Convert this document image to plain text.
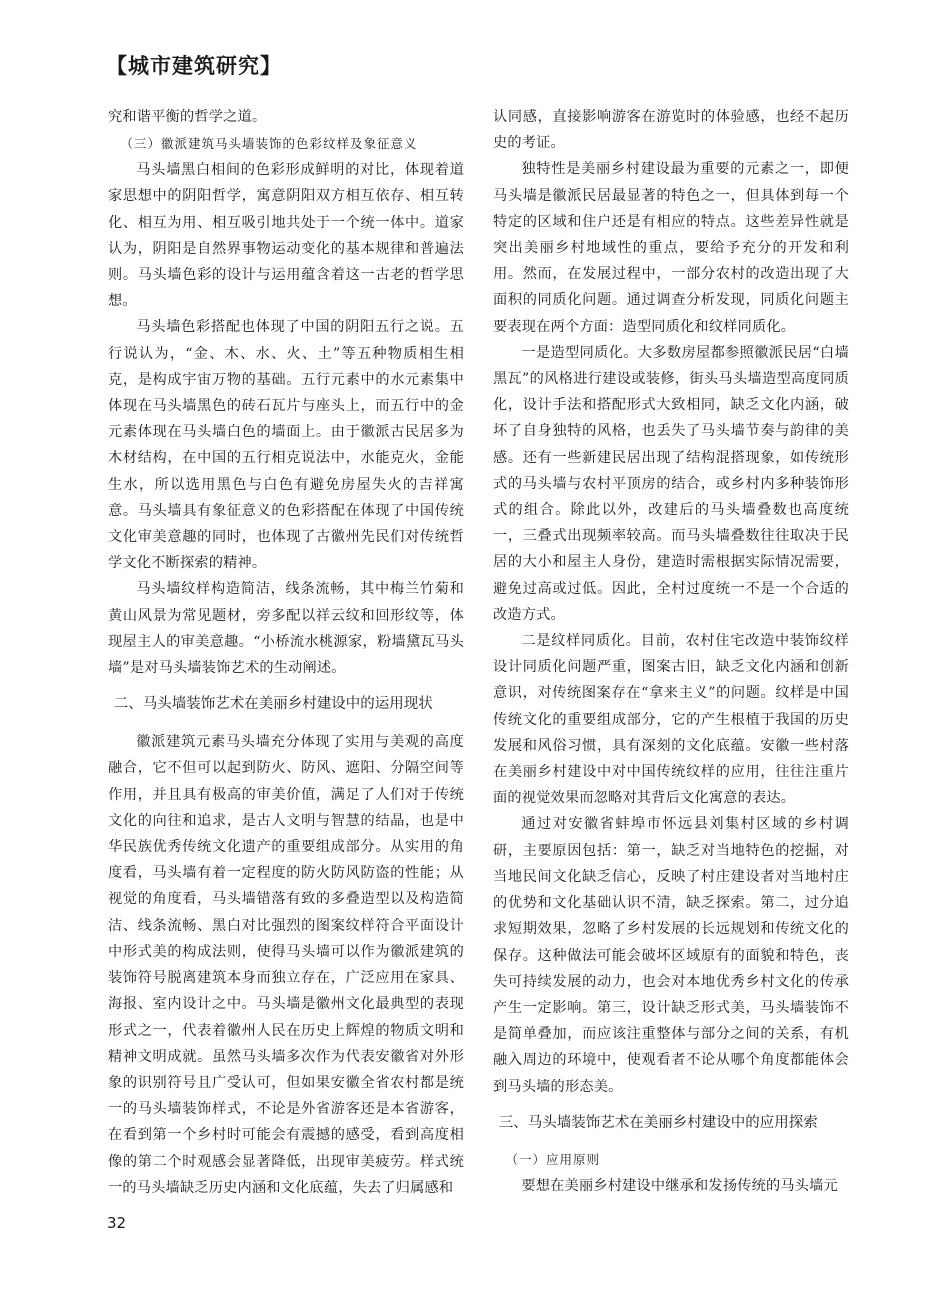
【城市建筑研究】

究和谐平衡的哲学之道。

（三）徽派建筑马头墙装饰的色彩纹样及象征意义

马头墙黑白相间的色彩形成鲜明的对比，体现着道家思想中的阴阳哲学，寓意阴阳双方相互依存、相互转化、相互为用、相互吸引地共处于一个统一体中。道家认为，阴阳是自然界事物运动变化的基本规律和普遍法则。马头墙色彩的设计与运用蕴含着这一古老的哲学思想。

马头墙色彩搭配也体现了中国的阴阳五行之说。五行说认为，“金、木、水、火、土”等五种物质相生相克，是构成宇宙万物的基础。五行元素中的水元素集中体现在马头墙黑色的砖石瓦片与座头上，而五行中的金元素体现在马头墙白色的墙面上。由于徽派古民居多为木材结构，在中国的五行相克说法中，水能克火，金能生水，所以选用黑色与白色有避免房屋失火的吉祥寓意。马头墙具有象征意义的色彩搭配在体现了中国传统文化审美意趣的同时，也体现了古徽州先民们对传统哲学文化不断探索的精神。

马头墙纹样构造简洁，线条流畅，其中梅兰竹菊和黄山风景为常见题材，旁多配以祥云纹和回形纹等，体现屋主人的审美意趣。“小桥流水桃源家，粉墙黛瓦马头墙”是对马头墙装饰艺术的生动阐述。

二、马头墙装饰艺术在美丽乡村建设中的运用现状

徽派建筑元素马头墙充分体现了实用与美观的高度融合，它不但可以起到防火、防风、遮阳、分隔空间等作用，并且具有极高的审美价值，满足了人们对于传统文化的向往和追求，是古人文明与智慧的结晶，也是中华民族优秀传统文化遗产的重要组成部分。从实用的角度看，马头墙有着一定程度的防火防风防盗的性能；从视觉的角度看，马头墙错落有致的多叠造型以及构造简洁、线条流畅、黑白对比强烈的图案纹样符合平面设计中形式美的构成法则，使得马头墙可以作为徽派建筑的装饰符号脱离建筑本身而独立存在，广泛应用在家具、海报、室内设计之中。马头墙是徽州文化最典型的表现形式之一，代表着徽州人民在历史上辉煌的物质文明和精神文明成就。虽然马头墙多次作为代表安徽省对外形象的识别符号且广受认可，但如果安徽全省农村都是统一的马头墙装饰样式，不论是外省游客还是本省游客，在看到第一个乡村时可能会有震撼的感受，看到高度相像的第二个时观感会显著降低，出现审美疲劳。样式统一的马头墙缺乏历史内涵和文化底蕴，失去了归属感和

认同感，直接影响游客在游览时的体验感，也经不起历史的考证。

独特性是美丽乡村建设最为重要的元素之一，即便马头墙是徽派民居最显著的特色之一，但具体到每一个特定的区域和住户还是有相应的特点。这些差异性就是突出美丽乡村地域性的重点，要给予充分的开发和利用。然而，在发展过程中，一部分农村的改造出现了大面积的同质化问题。通过调查分析发现，同质化问题主要表现在两个方面：造型同质化和纹样同质化。

一是造型同质化。大多数房屋都参照徽派民居“白墙黑瓦”的风格进行建设或装修，街头马头墙造型高度同质化，设计手法和搭配形式大致相同，缺乏文化内涵，破坏了自身独特的风格，也丢失了马头墙节奏与韵律的美感。还有一些新建民居出现了结构混搭现象，如传统形式的马头墙与农村平顶房的结合，或乡村内多种装饰形式的组合。除此以外，改建后的马头墙叠数也高度统一，三叠式出现频率较高。而马头墙叠数往往取决于民居的大小和屋主人身份，建造时需根据实际情况需要，避免过高或过低。因此，全村过度统一不是一个合适的改造方式。

二是纹样同质化。目前，农村住宅改造中装饰纹样设计同质化问题严重，图案古旧，缺乏文化内涵和创新意识，对传统图案存在“拿来主义”的问题。纹样是中国传统文化的重要组成部分，它的产生根植于我国的历史发展和风俗习惯，具有深刻的文化底蕴。安徽一些村落在美丽乡村建设中对中国传统纹样的应用，往往注重片面的视觉效果而忽略对其背后文化寓意的表达。

通过对安徽省蚌埠市怀远县刘集村区域的乡村调研，主要原因包括：第一，缺乏对当地特色的挖掘，对当地民间文化缺乏信心，反映了村庄建设者对当地村庄的优势和文化基础认识不清，缺乏探索。第二，过分追求短期效果，忽略了乡村发展的长远规划和传统文化的保存。这种做法可能会破坏区域原有的面貌和特色，丧失可持续发展的动力，也会对本地优秀乡村文化的传承产生一定影响。第三，设计缺乏形式美，马头墙装饰不是简单叠加，而应该注重整体与部分之间的关系，有机融入周边的环境中，使观看者不论从哪个角度都能体会到马头墙的形态美。

三、马头墙装饰艺术在美丽乡村建设中的应用探索
（一）应用原则

要想在美丽乡村建设中继承和发扬传统的马头墙元

32
